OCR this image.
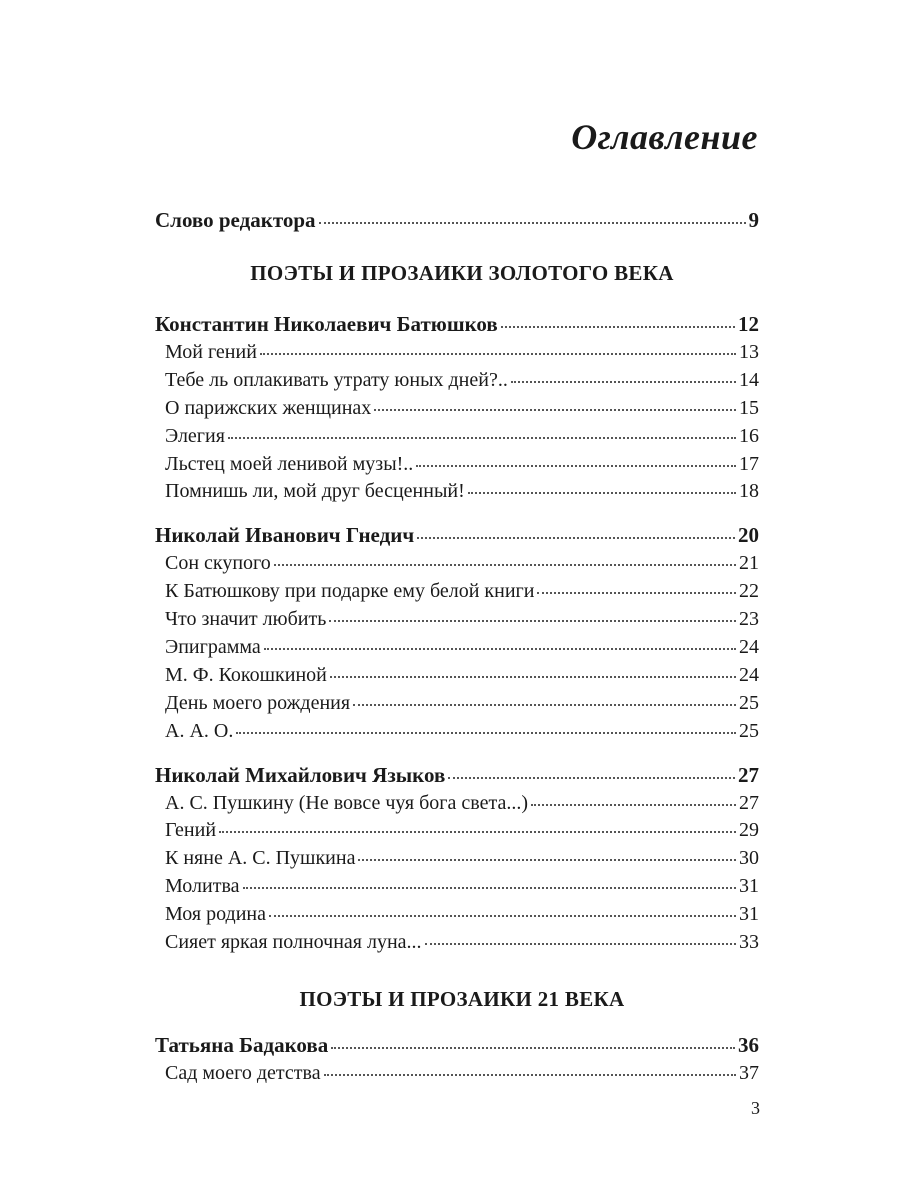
Оглавление
Слово редактора	9
ПОЭТЫ И ПРОЗАИКИ ЗОЛОТОГО ВЕКА
Константин Николаевич Батюшков	12
Мой гений	13
Тебе ль оплакивать утрату юных дней?..	14
О парижских женщинах	15
Элегия	16
Льстец моей ленивой музы!..	17
Помнишь ли, мой друг бесценный!	18
Николай Иванович Гнедич	20
Сон скупого	21
К Батюшкову при подарке ему белой книги	22
Что значит любить	23
Эпиграмма	24
М. Ф. Кокошкиной	24
День моего рождения	25
А. А. О.	25
Николай Михайлович Языков	27
А. С. Пушкину (Не вовсе чуя бога света...)	27
Гений	29
К няне А. С. Пушкина	30
Молитва	31
Моя родина	31
Сияет яркая полночная луна...	33
ПОЭТЫ И ПРОЗАИКИ 21 ВЕКА
Татьяна Бадакова	36
Сад моего детства	37
3
